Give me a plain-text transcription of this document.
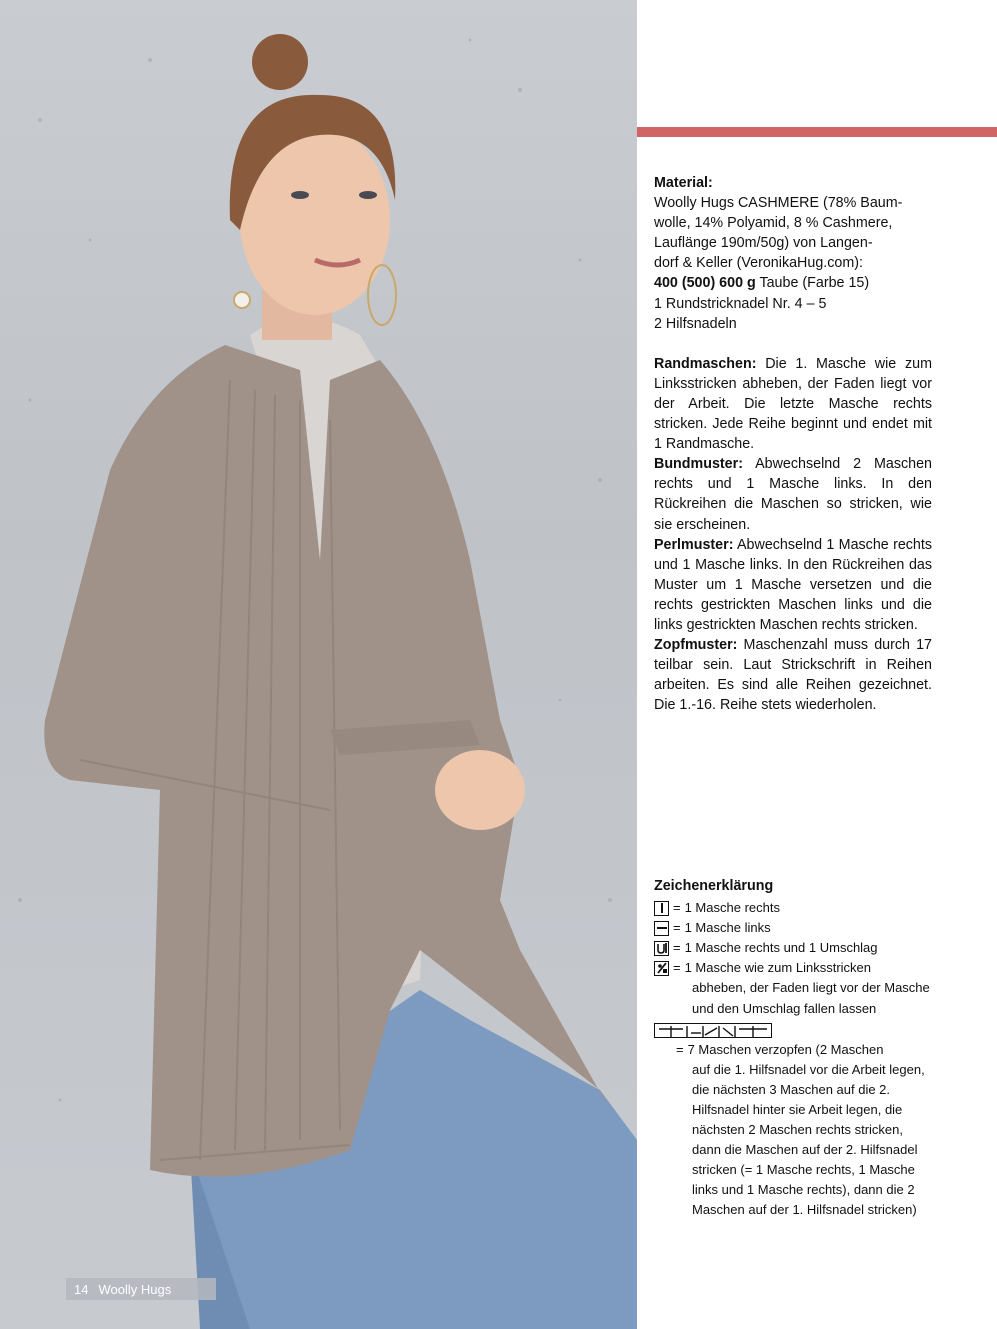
14 Woolly Hugs

Material:

Woolly Hugs CASHMERE (78% Baum-

wolle, 14% Polyamid, 8 % Cashmere,

Lauflänge 190m/50g) von Langen-

dorf & Keller (VeronikaHug.com):

400 (500) 600 g Taube (Farbe 15)

1 Rundstricknadel Nr. 4 – 5

2 Hilfsnadeln

Randmaschen: Die 1. Masche wie zum Linksstricken abheben, der Faden liegt vor der Arbeit. Die letzte Masche rechts stricken. Jede Reihe beginnt und endet mit 1 Randmasche.

Bundmuster: Abwechselnd 2 Maschen rechts und 1 Masche links. In den Rückreihen die Maschen so stricken, wie sie erscheinen.

Perlmuster: Abwechselnd 1 Masche rechts und 1 Masche links. In den Rückreihen das Muster um 1 Masche versetzen und die rechts gestrickten Maschen links und die links gestrickten Maschen rechts stricken.

Zopfmuster: Maschenzahl muss durch 17 teilbar sein. Laut Strickschrift in Reihen arbeiten. Es sind alle Reihen gezeichnet. Die 1.-16. Reihe stets wiederholen.

Zeichenerklärung
= 1 Masche rechts
= 1 Masche links
= 1 Masche rechts und 1 Umschlag
= 1 Masche wie zum Linksstricken
abheben, der Faden liegt vor der Masche und den Umschlag fallen lassen
= 7 Maschen verzopfen (2 Maschen
auf die 1. Hilfsnadel vor die Arbeit legen, die nächsten 3 Maschen auf die 2. Hilfsnadel hinter sie Arbeit legen, die nächsten 2 Maschen rechts stricken, dann die Maschen auf der 2. Hilfsnadel stricken (= 1 Masche rechts, 1 Masche links und 1 Masche rechts), dann die 2 Maschen auf der 1. Hilfsnadel stricken)
